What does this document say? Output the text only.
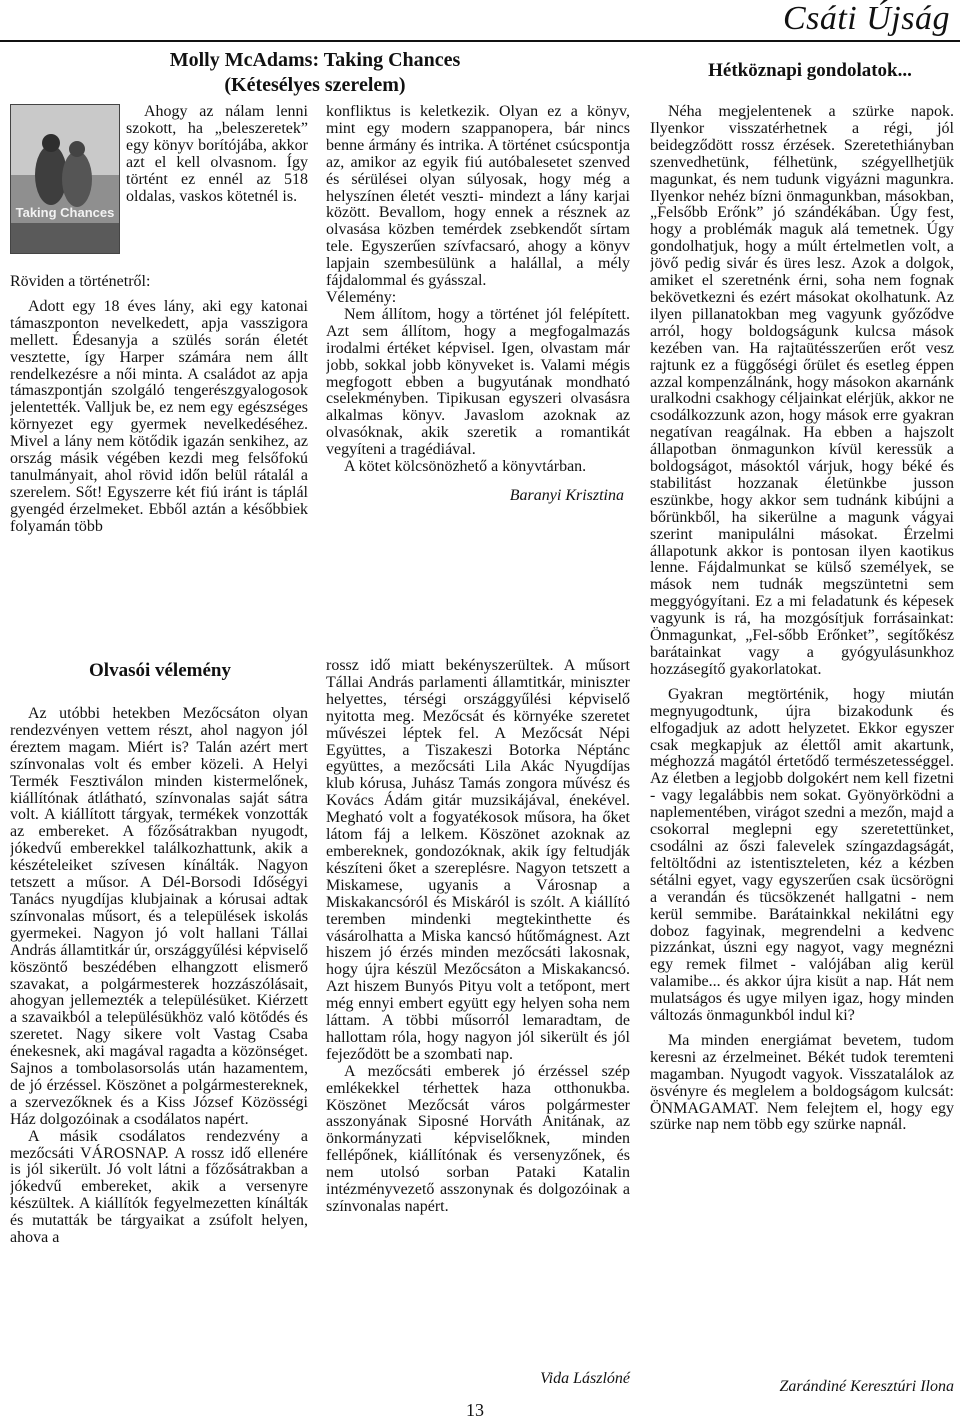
Csáti Újság
Molly McAdams: Taking Chances
(Kétesélyes szerelem)
Hétköznapi gondolatok...
Taking Chances

Ahogy az nálam lenni szokott, ha „beleszeretek” egy könyv borítójába, akkor azt el kell olvasnom. Így történt ez ennél az 518 oldalas, vaskos kötetnél is.

Röviden a történetről:

Adott egy 18 éves lány, aki egy katonai támaszponton nevelkedett, apja vasszigora mellett. Édesanyja a szülés során életét vesztette, így Harper számára nem állt rendelkezésre a női minta. A családot az apja támaszpontján szolgáló tengerészgyalogosok jelentették. Valljuk be, ez nem egy egészséges környezet egy gyermek nevelkedéséhez. Mivel a lány nem kötődik igazán senkihez, az ország másik végében kezdi meg felsőfokú tanulmányait, ahol rövid időn belül rátalál a szerelem. Sőt! Egyszerre két fiú iránt is táplál gyengéd érzelmeket. Ebből aztán a későbbiek folyamán több

Olvasói vélemény

Az utóbbi hetekben Mezőcsáton olyan rendezvényen vettem részt, ahol nagyon jól éreztem magam. Miért is? Talán azért mert színvonalas volt és ember közeli. A Helyi Termék Fesztiválon minden kistermelőnek, kiállítónak átlátható, színvonalas saját sátra volt. A kiállított tárgyak, termékek vonzották az embereket. A főzősátrakban nyugodt, jókedvű emberekkel találkozhattunk, akik a készételeiket szívesen kínálták. Nagyon tetszett a műsor. A Dél-Borsodi Időségyi Tanács nyugdíjas klubjainak a kórusai adtak színvonalas műsort, és a települések iskolás gyermekei. Nagyon jó volt hallani Tállai András államtitkár úr, országgyűlési képviselő köszöntő beszédében elhangzott elismerő szavakat, a polgármesterek hozzászólásait, ahogyan jellemezték a településüket. Kiérzett a szavaikból a településükhöz való kötődés és szeretet. Nagy sikere volt Vastag Csaba énekesnek, aki magával ragadta a közönséget. Sajnos a tombolasorsolás után hazamentem, de jó érzéssel. Köszönet a polgármestereknek, a szervezőknek és a Kiss József Közösségi Ház dolgozóinak a csodálatos napért.

A másik csodálatos rendezvény a mezőcsáti VÁROSNAP. A rossz idő ellenére is jól sikerült. Jó volt látni a főzősátrakban a jókedvű embereket, akik a versenyre készültek. A kiállítók fegyelmezetten kínálták és mutatták be tárgyaikat a zsúfolt helyen, ahova a

konfliktus is keletkezik. Olyan ez a könyv, mint egy modern szappanopera, bár nincs benne ármány és intrika. A történet csúcspontja az, amikor az egyik fiú autóbalesetet szenved és sérülései olyan súlyosak, hogy még a helyszínen életét veszti- mindezt a lány karjai között. Bevallom, hogy ennek a résznek az olvasása közben temérdek zsebkendőt sírtam tele. Egyszerűen szívfacsaró, ahogy a könyv lapjain szembesülünk a halállal, a mély fájdalommal és gyásszal.

Vélemény:

Nem állítom, hogy a történet jól felépített. Azt sem állítom, hogy a megfogalmazás irodalmi értéket képvisel. Igen, olvastam már jobb, sokkal jobb könyveket is. Valami mégis megfogott ebben a bugyutának mondható cselekményben. Tipikusan egyszeri olvasásra alkalmas könyv. Javaslom azoknak az olvasóknak, akik szeretik a romantikát vegyíteni a tragédiával.

A kötet kölcsönözhető a könyvtárban.

Baranyi Krisztina

rossz idő miatt bekényszerültek. A műsort Tállai András parlamenti államtitkár, miniszter helyettes, térségi országgyűlési képviselő nyitotta meg. Mezőcsát és környéke szeretet művészei léptek fel. A Mezőcsát Népi Együttes, a Tiszakeszi Botorka Néptánc együttes, a mezőcsáti Lila Akác Nyugdíjas klub kórusa, Juhász Tamás zongora művész és Kovács Ádám gitár muzsikájával, énekével. Megható volt a fogyatékosok műsora, ha őket látom fáj a lelkem. Köszönet azoknak az embereknek, gondozóknak, akik így feltudják készíteni őket a szereplésre. Nagyon tetszett a Miskamese, ugyanis a Városnap a Miskakancsóról és Miskáról is szólt. A kiállító teremben mindenki megtekinthette és vásárolhatta a Miska kancsó hűtőmágnest. Azt hiszem jó érzés minden mezőcsáti lakosnak, hogy újra készül Mezőcsáton a Miskakancsó. Azt hiszem Bunyós Pityu volt a tetőpont, mert még ennyi embert együtt egy helyen soha nem láttam. A többi műsorról lemaradtam, de hallottam róla, hogy nagyon jól sikerült és jól fejeződött be a szombati nap.

A mezőcsáti emberek jó érzéssel szép emlékekkel térhettek haza otthonukba. Köszönet Mezőcsát város polgármester asszonyának Siposné Horváth Anitának, az önkormányzati képviselőknek, minden fellépőnek, kiállítónak és versenyzőnek, és nem utolsó sorban Pataki Katalin intézményvezető asszonynak és dolgozóinak a színvonalas napért.

Vida Lászlóné

Néha megjelentenek a szürke napok. Ilyenkor visszatérhetnek a régi, jól beidegződött rossz érzések. Szeretethiányban szenvedhetünk, félhetünk, szégyellhetjük magunkat, és nem tudunk vigyázni magunkra. Ilyenkor nehéz bízni önmagunkban, másokban, „Felsőbb Erőnk” jó szándékában. Úgy fest, hogy a problémák maguk alá temetnek. Úgy gondolhatjuk, hogy a múlt értelmetlen volt, a jövő pedig sivár és üres lesz. Azok a dolgok, amiket el szeretnénk érni, soha nem fognak bekövetkezni és ezért másokat okolhatunk. Az ilyen pillanatokban meg vagyunk győződve arról, hogy boldogságunk kulcsa mások kezében van. Ha rajtaütésszerűen erőt vesz rajtunk ez a függőségi őrület és esetleg éppen azzal kompenzálnánk, hogy másokon akarnánk uralkodni csakhogy céljainkat elérjük, akkor ne csodálkozzunk azon, hogy mások erre gyakran negatívan reagálnak. Ha ebben a hajszolt állapotban önmagunkon kívül keressük a boldogságot, másoktól várjuk, hogy béké és stabilitást hozzanak életünkbe jusson eszünkbe, hogy akkor sem tudnánk kibújni a bőrünkből, ha sikerülne a magunk vágyai szerint manipulálni másokat. Érzelmi állapotunk akkor is pontosan ilyen kaotikus lenne. Fájdalmunkat se külső személyek, se mások nem tudnák megszüntetni sem meggyógyítani. Ez a mi feladatunk és képesek vagyunk is rá, ha mozgósítjuk forrásainkat: Önmagunkat, „Fel-sőbb Erőnket”, segítőkész barátainkat vagy a gyógyulásunkhoz hozzásegítő gyakorlatokat.

Gyakran megtörténik, hogy miután megnyugodtunk, újra bizakodunk és elfogadjuk az adott helyzetet. Ekkor egyszer csak megkapjuk az élettől amit akartunk, méghozzá magától értetődő természetességgel. Az életben a legjobb dolgokért nem kell fizetni - vagy legalábbis nem sokat. Gyönyörködni a naplementében, virágot szedni a mezőn, majd a csokorral meglepni egy szeretettünket, csodálni az őszi falevelek színgazdagságát, feltöltődni az istentiszteleten, kéz a kézben sétálni egyet, vagy egyszerűen csak ücsörögni a verandán és tücsökzenét hallgatni - nem kerül semmibe. Barátainkkal nekilátni egy doboz fagyinak, megrendelni a kedvenc pizzánkat, úszni egy nagyot, vagy megnézni egy remek filmet - valójában alig kerül valamibe... és akkor újra kisüt a nap. Hát nem mulatságos és ugye milyen igaz, hogy minden változás önmagunkból indul ki?

Ma minden energiámat bevetem, tudom keresni az érzelmeinet. Békét tudok teremteni magamban. Nyugodt vagyok. Visszatalálok az ösvényre és meglelem a boldogságom kulcsát: ÖNMAGAMAT. Nem felejtem el, hogy egy szürke nap nem több egy szürke napnál.

Zarándiné Keresztúri Ilona
13
